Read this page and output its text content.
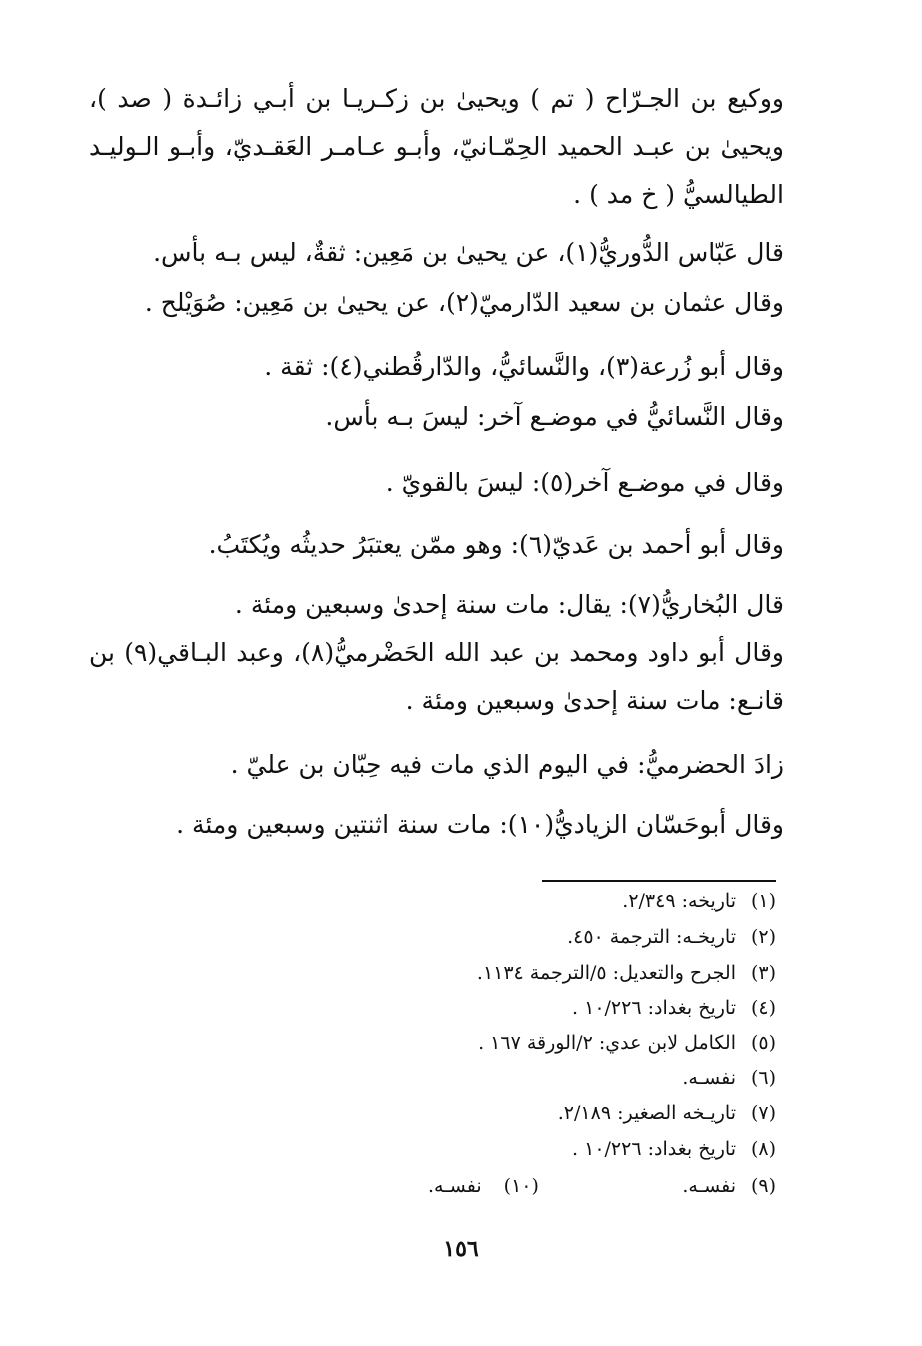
ووكيع بن الجـرّاح ( تم ) ويحيىٰ بن زكـريـا بن أبـي زائـدة ( صد )،
ويحيىٰ بن عبـد الحميد الحِمّـانيّ، وأبـو عـامـر العَقـديّ، وأبـو الـوليـد
الطيالسيُّ ( خ مد ) .
قال عَبّاس الدُّوريُّ(١)، عن يحيىٰ بن مَعِين: ثقةٌ، ليس بـه بأس.
وقال عثمان بن سعيد الدّارميّ(٢)، عن يحيىٰ بن مَعِين: صُوَيْلح .
وقال أبو زُرعة(٣)، والنَّسائيُّ، والدّارقُطني(٤): ثقة .
وقال النَّسائيُّ في موضـع آخر: ليسَ بـه بأس.
وقال في موضـع آخر(٥): ليسَ بالقويّ .
وقال أبو أحمد بن عَديّ(٦): وهو ممّن يعتبَرُ حديثُه ويُكتَبُ.
قال البُخاريُّ(٧): يقال: مات سنة إحدىٰ وسبعين ومئة .
وقال أبو داود ومحمد بن عبد الله الحَضْرميُّ(٨)، وعبد البـاقي(٩) بن
قانـع: مات سنة إحدىٰ وسبعين ومئة .
زادَ الحضرميُّ: في اليوم الذي مات فيه حِبّان بن عليّ .
وقال أبوحَسّان الزياديُّ(١٠): مات سنة اثنتين وسبعين ومئة .
(١)تاريخه: ٢/٣٤٩.
(٢)تاريخـه: الترجمة ٤٥٠.
(٣)الجرح والتعديل: ٥/الترجمة ١١٣٤.
(٤)تاريخ بغداد: ١٠/٢٢٦ .
(٥)الكامل لابن عدي: ٢/الورقة ١٦٧ .
(٦)نفسـه.
(٧)تاريـخه الصغير: ٢/١٨٩.
(٨)تاريخ بغداد: ١٠/٢٢٦ .
(٩)نفسـه.
(١٠)نفسـه.
١٥٦
